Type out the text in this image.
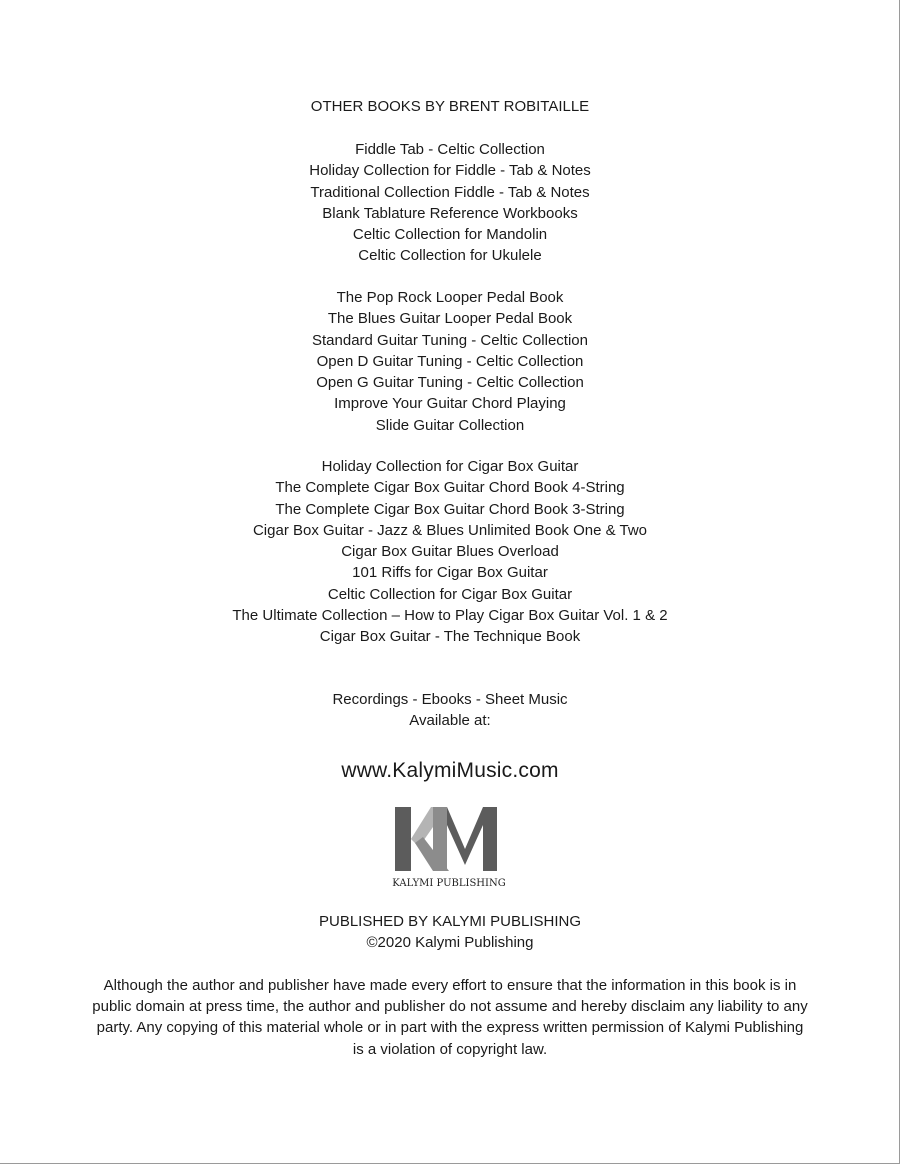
OTHER BOOKS BY BRENT ROBITAILLE
Fiddle Tab - Celtic Collection
Holiday Collection for Fiddle - Tab & Notes
Traditional Collection Fiddle - Tab & Notes
Blank Tablature Reference Workbooks
Celtic Collection for Mandolin
Celtic Collection for Ukulele
The Pop Rock Looper Pedal Book
The Blues Guitar Looper Pedal Book
Standard Guitar Tuning - Celtic Collection
Open D Guitar Tuning - Celtic Collection
Open G Guitar Tuning - Celtic Collection
Improve Your Guitar Chord Playing
Slide Guitar Collection
Holiday Collection for Cigar Box Guitar
The Complete Cigar Box Guitar Chord Book 4-String
The Complete Cigar Box Guitar Chord Book 3-String
Cigar Box Guitar - Jazz & Blues Unlimited Book One & Two
Cigar Box Guitar Blues Overload
101 Riffs for Cigar Box Guitar
Celtic Collection for Cigar Box Guitar
The Ultimate Collection – How to Play Cigar Box Guitar Vol. 1 & 2
Cigar Box Guitar - The Technique Book
Recordings - Ebooks - Sheet Music
Available at:
www.KalymiMusic.com
KALYMI PUBLISHING
PUBLISHED BY KALYMI PUBLISHING
©2020 Kalymi Publishing
Although the author and publisher have made every effort to ensure that the information in this book is in public domain at press time, the author and publisher do not assume and hereby disclaim any liability to any party. Any copying of this material whole or in part with the express written permission of Kalymi Publishing is a violation of copyright law.
